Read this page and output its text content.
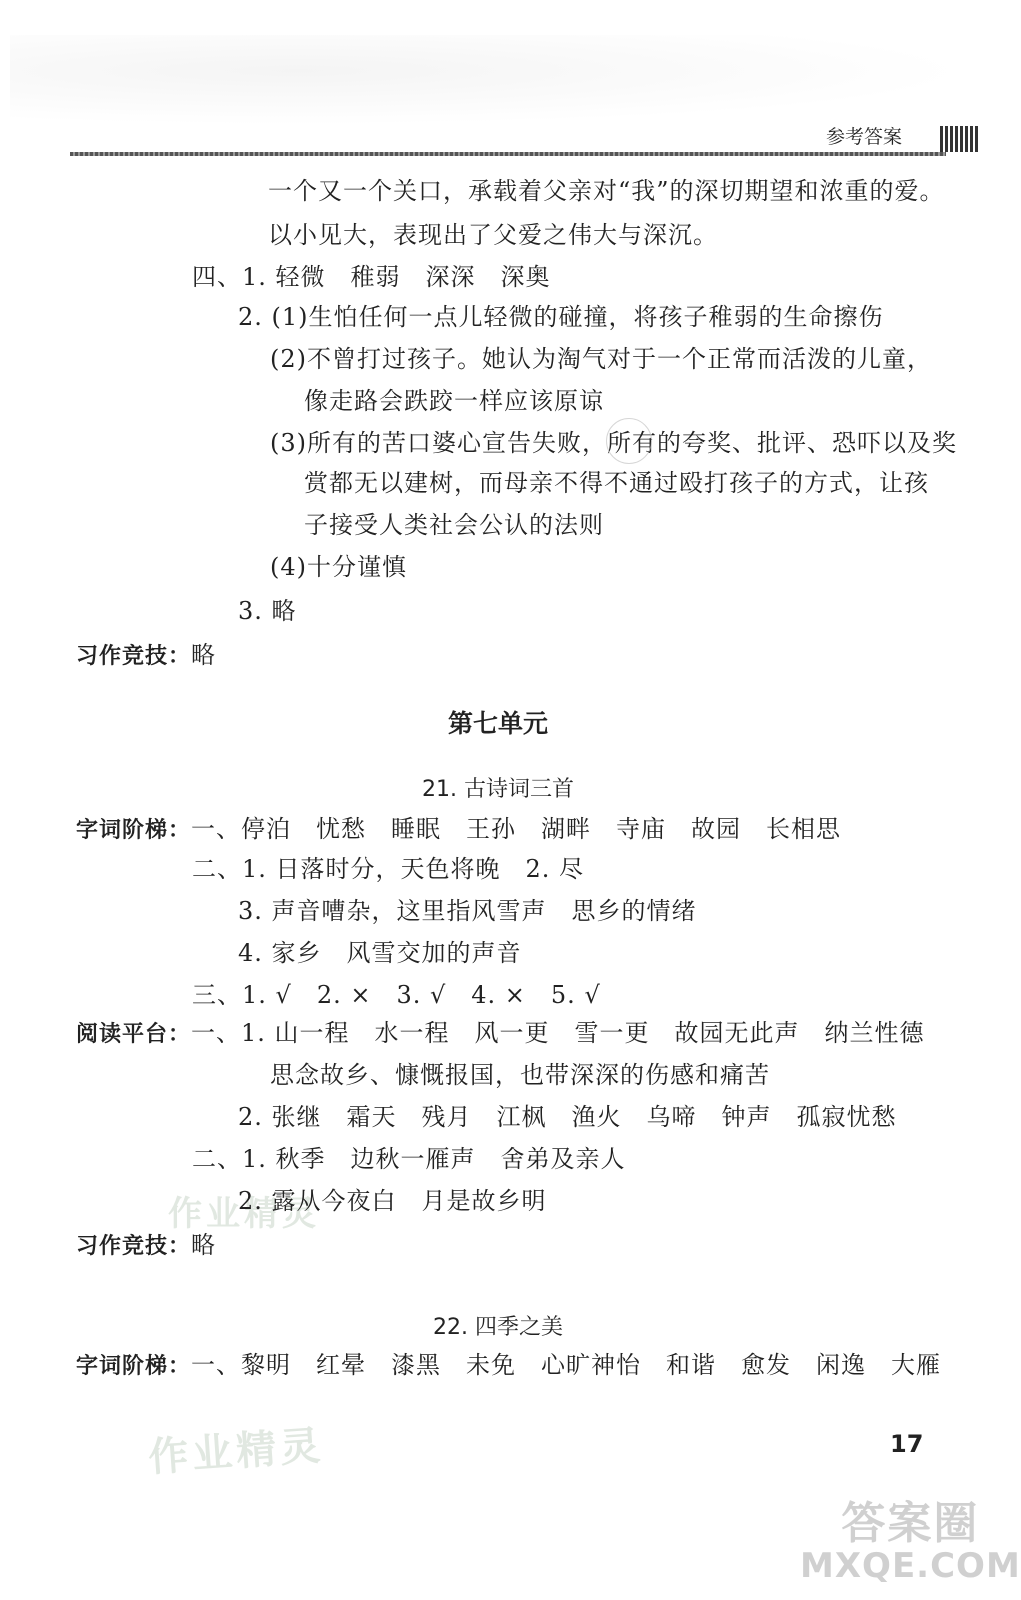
参考答案
一个又一个关口，承载着父亲对“我”的深切期望和浓重的爱。
以小见大，表现出了父爱之伟大与深沉。
四、1. 轻微　稚弱　深深　深奥
2. (1)生怕任何一点儿轻微的碰撞，将孩子稚弱的生命擦伤
(2)不曾打过孩子。她认为淘气对于一个正常而活泼的儿童，
像走路会跌跤一样应该原谅
(3)所有的苦口婆心宣告失败，所有的夸奖、批评、恐吓以及奖
赏都无以建树，而母亲不得不通过殴打孩子的方式，让孩
子接受人类社会公认的法则
(4)十分谨慎
3. 略
习作竞技：略
第七单元
21. 古诗词三首
字词阶梯：一、停泊　忧愁　睡眠　王孙　湖畔　寺庙　故园　长相思
二、1. 日落时分，天色将晚　2. 尽
3. 声音嘈杂，这里指风雪声　思乡的情绪
4. 家乡　风雪交加的声音
三、1. √　2. ×　3. √　4. ×　5. √
阅读平台：一、1. 山一程　水一程　风一更　雪一更　故园无此声　纳兰性德
思念故乡、慷慨报国，也带深深的伤感和痛苦
2. 张继　霜天　残月　江枫　渔火　乌啼　钟声　孤寂忧愁
二、1. 秋季　边秋一雁声　舍弟及亲人
作业精灵
2. 露从今夜白　月是故乡明
习作竞技：略
22. 四季之美
字词阶梯：一、黎明　红晕　漆黑　未免　心旷神怡　和谐　愈发　闲逸　大雁
作业精灵	17
答案圈
MXQE.COM
